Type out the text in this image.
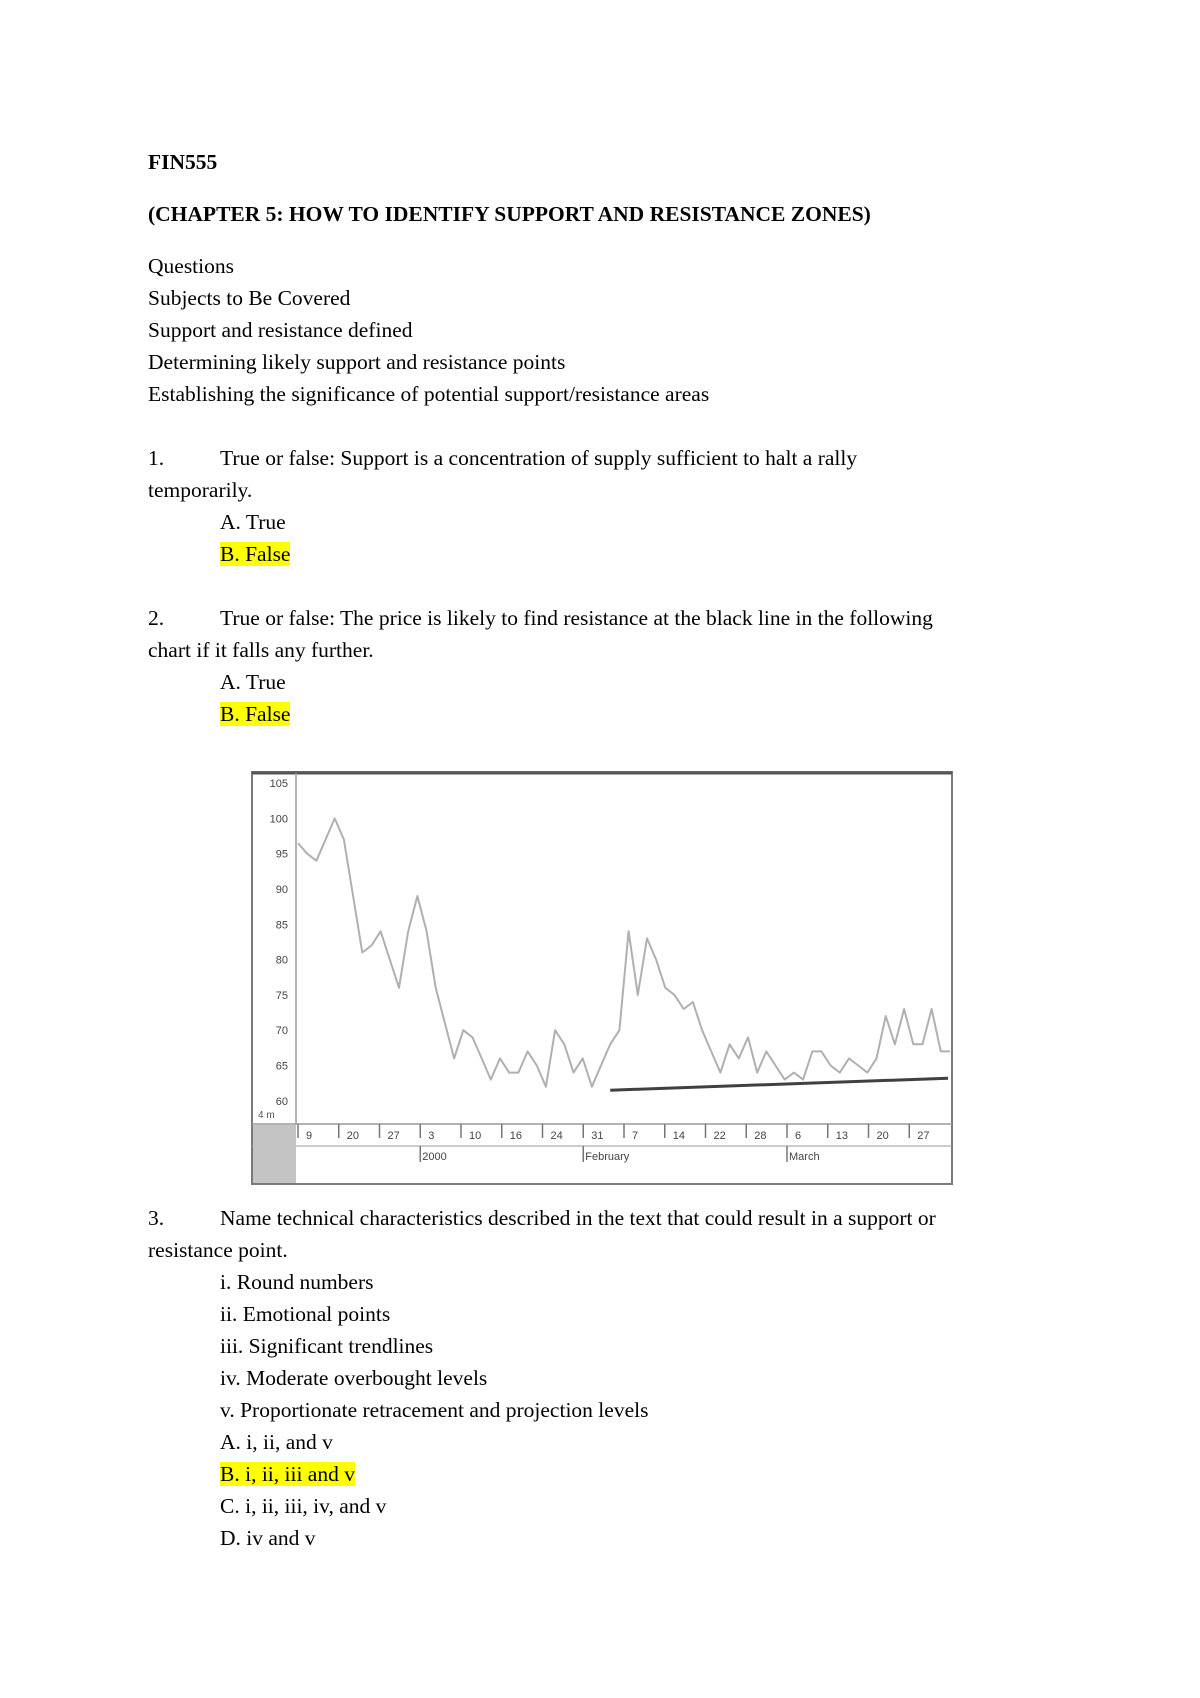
FIN555
(CHAPTER 5: HOW TO IDENTIFY SUPPORT AND RESISTANCE ZONES)
Questions
Subjects to Be Covered
Support and resistance defined
Determining likely support and resistance points
Establishing the significance of potential support/resistance areas
1.	True or false: Support is a concentration of supply sufficient to halt a rally
temporarily.
A. True
B. False
2.	True or false: The price is likely to find resistance at the black line in the following
chart if it falls any further.
A. True
B. False
4 m
105
100
95
90
85
80
75
70
65
60
9	20	27	3	10	16	24	31	7	14	22	28	6	13	20	27
2000	February	March
3.	Name technical characteristics described in the text that could result in a support or
resistance point.
i. Round numbers
ii. Emotional points
iii. Significant trendlines
iv. Moderate overbought levels
v. Proportionate retracement and projection levels
A. i, ii, and v
B. i, ii, iii and v
C. i, ii, iii, iv, and v
D. iv and v
